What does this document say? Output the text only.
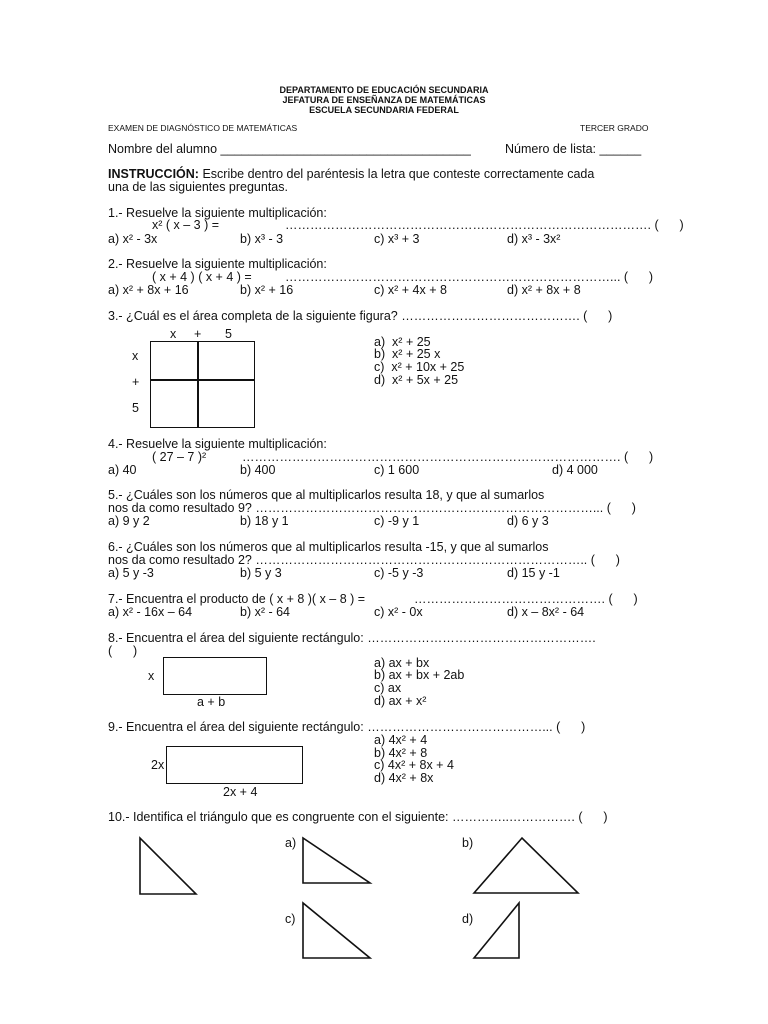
DEPARTAMENTO DE EDUCACIÓN SECUNDARIA
JEFATURA DE ENSEÑANZA DE MATEMÁTICAS
ESCUELA SECUNDARIA FEDERAL
EXAMEN DE DIAGNÓSTICO DE MATEMÁTICAS	TERCER GRADO
Nombre del alumno ____________________________________	Número de lista: ______
INSTRUCCIÓN: Escribe dentro del paréntesis la letra que conteste correctamente cada
una de las siguientes preguntas.
1.- Resuelve la siguiente multiplicación:
x² ( x – 3 ) =	……………………………………………………………………………. (      )
a) x² - 3x	b) x³ - 3	c) x³ + 3	d) x³ - 3x²
2.- Resuelve la siguiente multiplicación:
( x + 4 ) ( x + 4 ) =	……………………………………………………………………... (      )
a) x² + 8x + 16	b) x² + 16	c) x² + 4x + 8	d) x² + 8x + 8
3.- ¿Cuál es el área completa de la siguiente figura? ……………………………………. (      )
x + 5
x
+
5
a)  x² + 25
b)  x² + 25 x
c)  x² + 10x + 25
d)  x² + 5x + 25
4.- Resuelve la siguiente multiplicación:
( 27 – 7 )²	………………………………………………………………………………. (      )
a) 40	b) 400	c) 1 600	d) 4 000
5.- ¿Cuáles son los números que al multiplicarlos resulta 18, y que al sumarlos
nos da como resultado 9? ………………………………………………………………………... (      )
a) 9 y 2	b) 18 y 1	c) -9 y 1	d) 6 y 3
6.- ¿Cuáles son los números que al multiplicarlos resulta -15, y que al sumarlos
nos da como resultado 2? …………………………………………………………………….. (      )
a) 5 y -3	b) 5 y 3	c) -5 y -3	d) 15 y -1
7.- Encuentra el producto de ( x + 8 )( x – 8 ) =	………………………………………. (      )
a) x² - 16x – 64	b) x² - 64	c) x² - 0x	d) x – 8x² - 64
8.- Encuentra el área del siguiente rectángulo: ……………………………………………….
(      )
x
a + b
a) ax + bx
b) ax + bx + 2ab
c) ax
d) ax + x²
9.- Encuentra el área del siguiente rectángulo: ……………………………………... (      )
2x
2x + 4
a) 4x² + 4
b) 4x² + 8
c) 4x² + 8x + 4
d) 4x² + 8x
10.- Identifica el triángulo que es congruente con el siguiente: …………..……………. (      )
a)	b)
c)	d)
